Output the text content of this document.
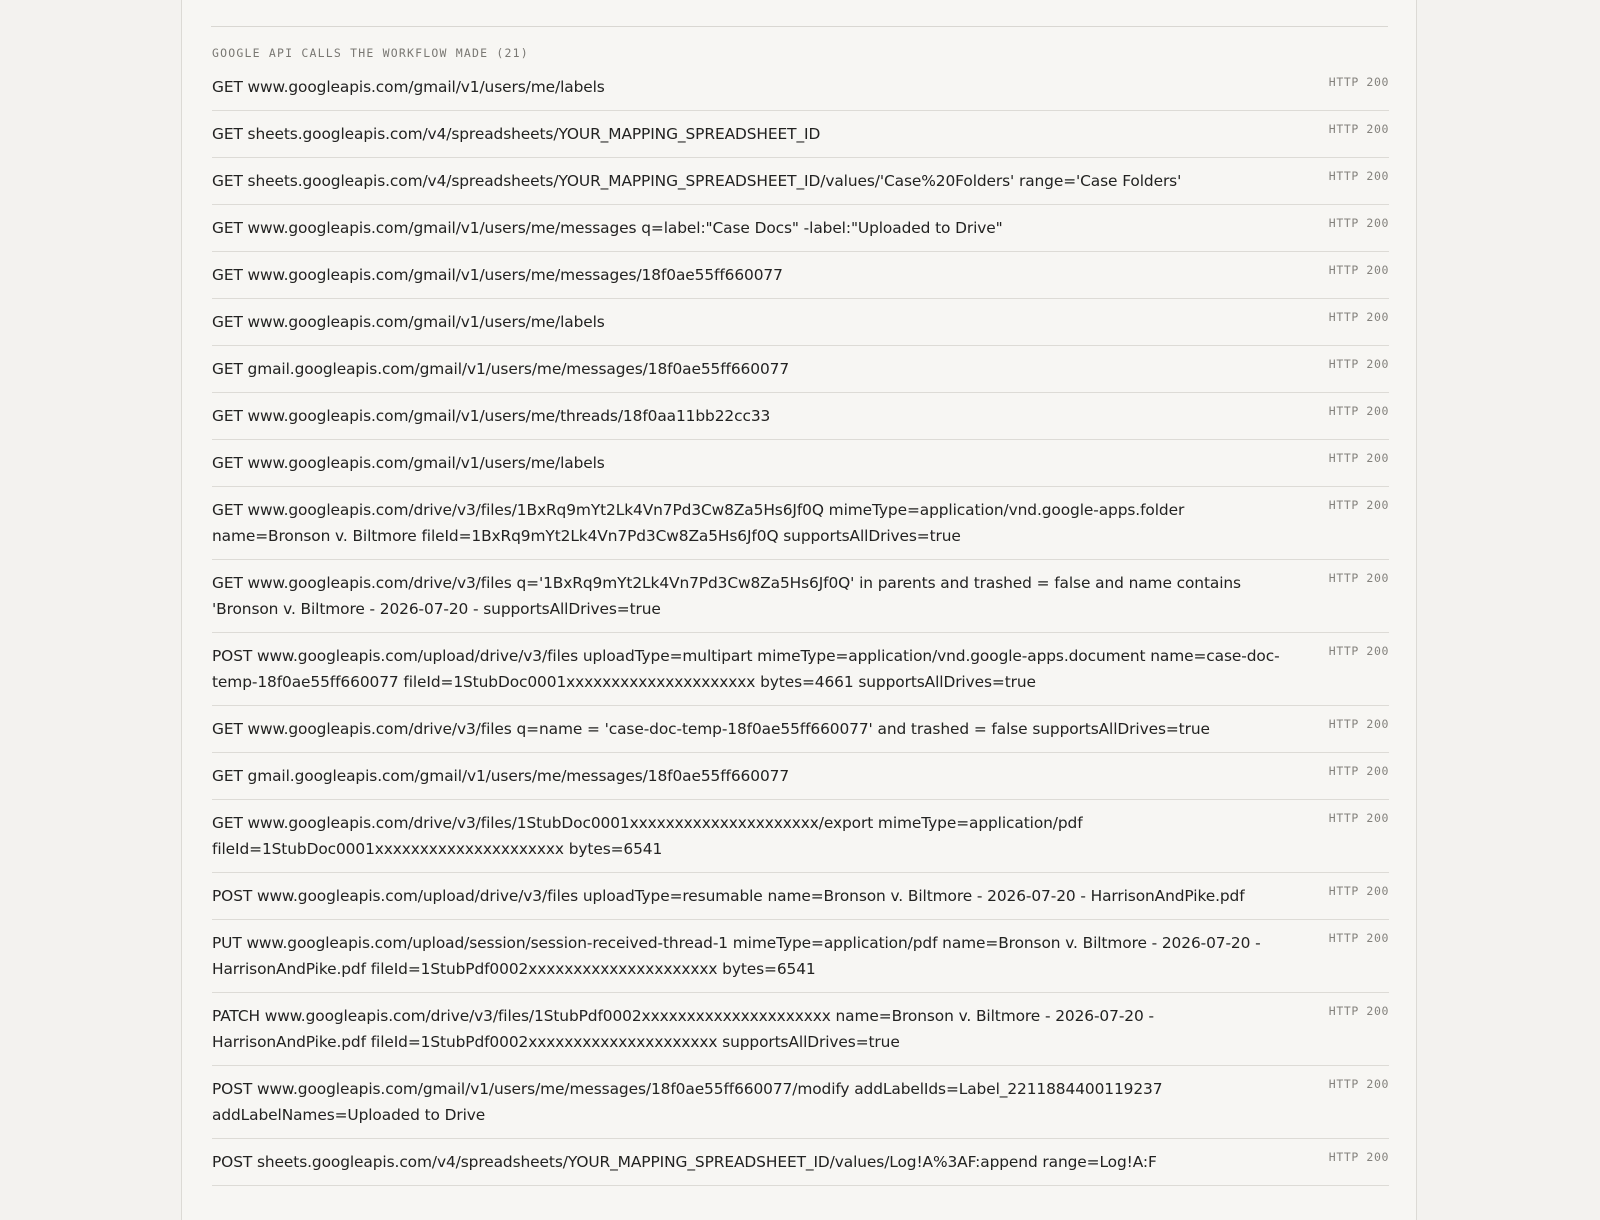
GOOGLE API CALLS THE WORKFLOW MADE (21)
GET www.googleapis.com/gmail/v1/users/me/labels	HTTP 200
GET sheets.googleapis.com/v4/spreadsheets/YOUR_MAPPING_SPREADSHEET_ID	HTTP 200
GET sheets.googleapis.com/v4/spreadsheets/YOUR_MAPPING_SPREADSHEET_ID/values/'Case%20Folders' range='Case Folders'	HTTP 200
GET www.googleapis.com/gmail/v1/users/me/messages q=label:"Case Docs" -label:"Uploaded to Drive"	HTTP 200
GET www.googleapis.com/gmail/v1/users/me/messages/18f0ae55ff660077	HTTP 200
GET www.googleapis.com/gmail/v1/users/me/labels	HTTP 200
GET gmail.googleapis.com/gmail/v1/users/me/messages/18f0ae55ff660077	HTTP 200
GET www.googleapis.com/gmail/v1/users/me/threads/18f0aa11bb22cc33	HTTP 200
GET www.googleapis.com/gmail/v1/users/me/labels	HTTP 200
GET www.googleapis.com/drive/v3/files/1BxRq9mYt2Lk4Vn7Pd3Cw8Za5Hs6Jf0Q mimeType=application/vnd.google-apps.folder name=Bronson v. Biltmore fileId=1BxRq9mYt2Lk4Vn7Pd3Cw8Za5Hs6Jf0Q supportsAllDrives=true
HTTP 200
GET www.googleapis.com/drive/v3/files q='1BxRq9mYt2Lk4Vn7Pd3Cw8Za5Hs6Jf0Q' in parents and trashed = false and name contains 'Bronson v. Biltmore - 2026-07-20 - supportsAllDrives=true
HTTP 200
POST www.googleapis.com/upload/drive/v3/files uploadType=multipart mimeType=application/vnd.google-apps.document name=case-doc-temp-18f0ae55ff660077 fileId=1StubDoc0001xxxxxxxxxxxxxxxxxxxxx bytes=4661 supportsAllDrives=true
HTTP 200
GET www.googleapis.com/drive/v3/files q=name = 'case-doc-temp-18f0ae55ff660077' and trashed = false supportsAllDrives=true	HTTP 200
GET gmail.googleapis.com/gmail/v1/users/me/messages/18f0ae55ff660077	HTTP 200
GET www.googleapis.com/drive/v3/files/1StubDoc0001xxxxxxxxxxxxxxxxxxxxx/export mimeType=application/pdf fileId=1StubDoc0001xxxxxxxxxxxxxxxxxxxxx bytes=6541
HTTP 200
POST www.googleapis.com/upload/drive/v3/files uploadType=resumable name=Bronson v. Biltmore - 2026-07-20 - HarrisonAndPike.pdf	HTTP 200
PUT www.googleapis.com/upload/session/session-received-thread-1 mimeType=application/pdf name=Bronson v. Biltmore - 2026-07-20 - HarrisonAndPike.pdf fileId=1StubPdf0002xxxxxxxxxxxxxxxxxxxxx bytes=6541
HTTP 200
PATCH www.googleapis.com/drive/v3/files/1StubPdf0002xxxxxxxxxxxxxxxxxxxxx name=Bronson v. Biltmore - 2026-07-20 - HarrisonAndPike.pdf fileId=1StubPdf0002xxxxxxxxxxxxxxxxxxxxx supportsAllDrives=true
HTTP 200
POST www.googleapis.com/gmail/v1/users/me/messages/18f0ae55ff660077/modify addLabelIds=Label_2211884400119237 addLabelNames=Uploaded to Drive
HTTP 200
POST sheets.googleapis.com/v4/spreadsheets/YOUR_MAPPING_SPREADSHEET_ID/values/Log!A%3AF:append range=Log!A:F	HTTP 200
